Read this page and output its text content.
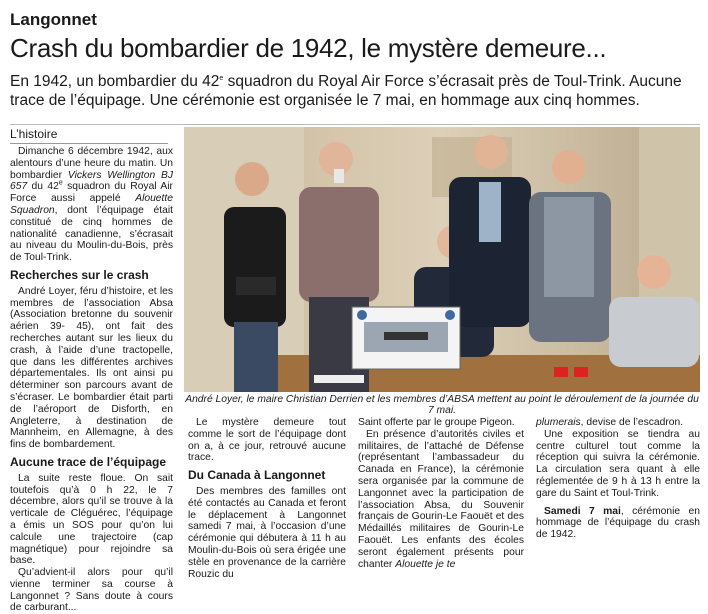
Langonnet
Crash du bombardier de 1942, le mystère demeure...
En 1942, un bombardier du 42e squadron du Royal Air Force s’écrasait près de Toul-Trink. Aucune trace de l’équipage. Une cérémonie est organisée le 7 mai, en hommage aux cinq hommes.
L’histoire

Dimanche 6 décembre 1942, aux alentours d’une heure du matin. Un bombardier Vickers Wellington BJ 657 du 42e squadron du Royal Air Force aussi appelé Alouette Squadron, dont l’équipage était constitué de cinq hommes de nationalité canadienne, s’écrasait au niveau du Moulin-du-Bois, près de Toul-Trink.

Recherches sur le crash

André Loyer, féru d’histoire, et les membres de l’association Absa (Association bretonne du souvenir aérien 39- 45), ont fait des recherches autant sur les lieux du crash, à l’aide d’une tractopelle, que dans les différentes archives départementales. Ils ont ainsi pu déterminer son parcours avant de s’écraser. Le bombardier était parti de l’aéroport de Disforth, en Angleterre, à destination de Mannheim, en Allemagne, à des fins de bombardement.

Aucune trace de l’équipage

La suite reste floue. On sait toutefois qu’à 0 h 22, le 7 décembre, alors qu’il se trouve à la verticale de Cléguérec, l’équipage a émis un SOS pour qu’on lui calcule une trajectoire (cap magnétique) pour rejoindre sa base.

Qu’advient-il alors pour qu’il vienne terminer sa course à Langonnet ? Sans doute à cours de carburant...

André Loyer, le maire Christian Derrien et les membres d’ABSA mettent au point le déroulement de la journée du 7 mai.

Le mystère demeure tout comme le sort de l’équipage dont on a, à ce jour, retrouvé aucune trace.

Du Canada à Langonnet

Des membres des familles ont été contactés au Canada et feront le déplacement à Langonnet samedi 7 mai, à l’occasion d’une cérémonie qui débutera à 11 h au Moulin-du-Bois où sera érigée une stèle en provenance de la carrière Rouzic du

Saint offerte par le groupe Pigeon.

En présence d’autorités civiles et militaires, de l’attaché de Défense (représentant l’ambassadeur du Canada en France), la cérémonie sera organisée par la commune de Langonnet avec la participation de l’association Absa, du Souvenir français de Gourin-Le Faouët et des Médaillés militaires de Gourin-Le Faouët. Les enfants des écoles seront également présents pour chanter Alouette je te

plumerais, devise de l’escadron.

Une exposition se tiendra au centre culturel tout comme la réception qui suivra la cérémonie. La circulation sera quant à elle réglementée de 9 h à 13 h entre la gare du Saint et Toul-Trink.

Samedi 7 mai, cérémonie en hommage de l’équipage du crash de 1942.
